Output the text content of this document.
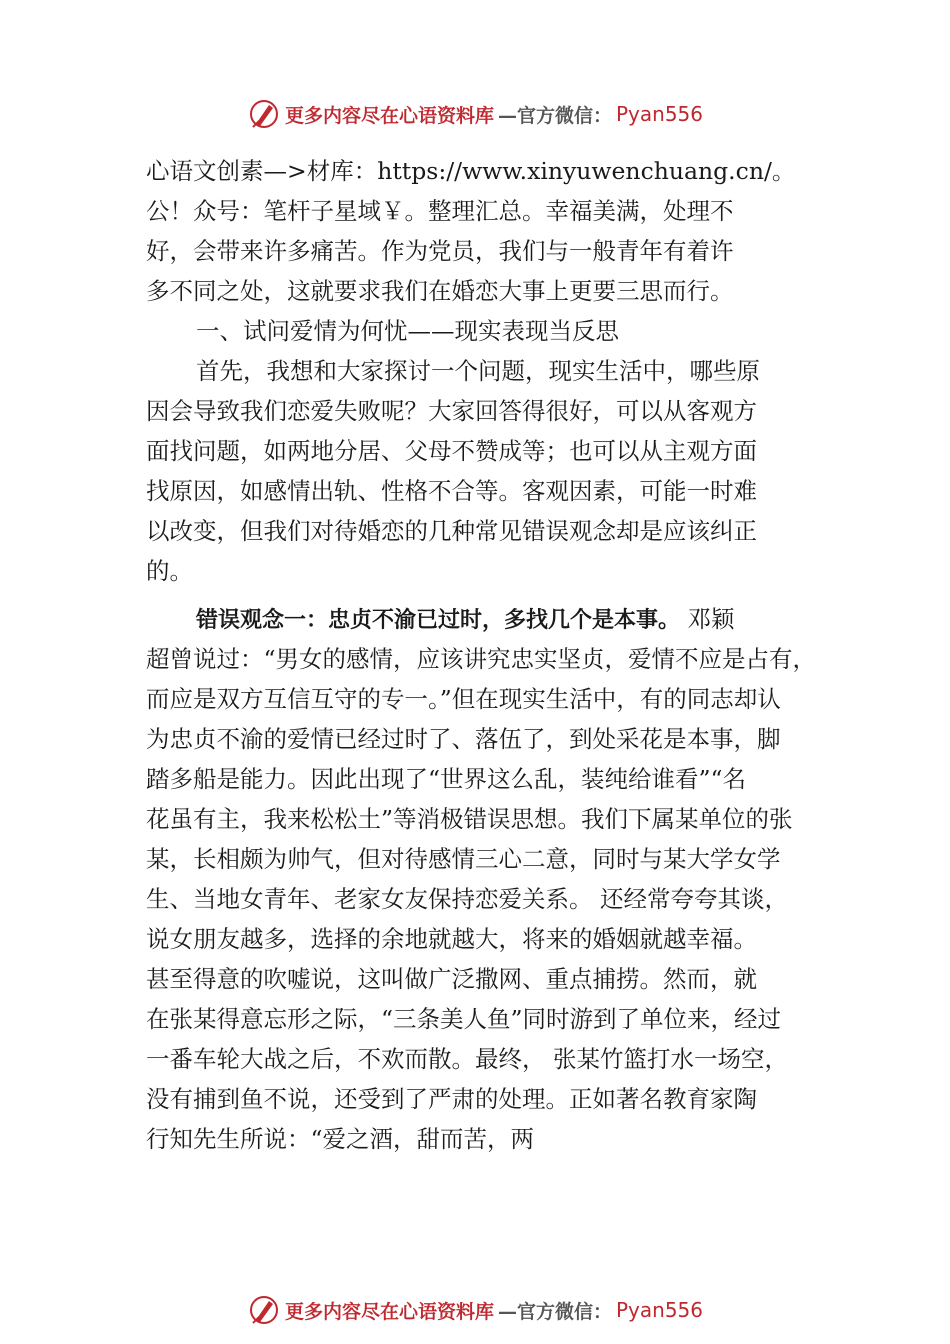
更多内容尽在心语资料库 —官方微信： Pyan556
心语文创素—>材库：https://www.xinyuwenchuang.cn/。
公！众号：笔杆子星域￥。整理汇总。幸福美满，处理不
好，会带来许多痛苦。作为党员，我们与一般青年有着许
多不同之处，这就要求我们在婚恋大事上更要三思而行。
一、试问爱情为何忧——现实表现当反思
首先，我想和大家探讨一个问题，现实生活中，哪些原
因会导致我们恋爱失败呢？大家回答得很好，可以从客观方
面找问题，如两地分居、父母不赞成等；也可以从主观方面
找原因，如感情出轨、性格不合等。客观因素，可能一时难
以改变，但我们对待婚恋的几种常见错误观念却是应该纠正
的。
错误观念一：忠贞不渝已过时，多找几个是本事。 邓颖
超曾说过：“男女的感情，应该讲究忠实坚贞，爱情不应是占有，
而应是双方互信互守的专一。”但在现实生活中，有的同志却认
为忠贞不渝的爱情已经过时了、落伍了，到处采花是本事，脚
踏多船是能力。因此出现了“世界这么乱，装纯给谁看”“名
花虽有主，我来松松土”等消极错误思想。我们下属某单位的张
某，长相颇为帅气，但对待感情三心二意，同时与某大学女学
生、当地女青年、老家女友保持恋爱关系。 还经常夸夸其谈，
说女朋友越多，选择的余地就越大，将来的婚姻就越幸福。
甚至得意的吹嘘说，这叫做广泛撒网、重点捕捞。然而，就
在张某得意忘形之际，“三条美人鱼”同时游到了单位来，经过
一番车轮大战之后，不欢而散。最终， 张某竹篮打水一场空，
没有捕到鱼不说，还受到了严肃的处理。正如著名教育家陶
行知先生所说：“爱之酒，甜而苦，两
更多内容尽在心语资料库 —官方微信： Pyan556
